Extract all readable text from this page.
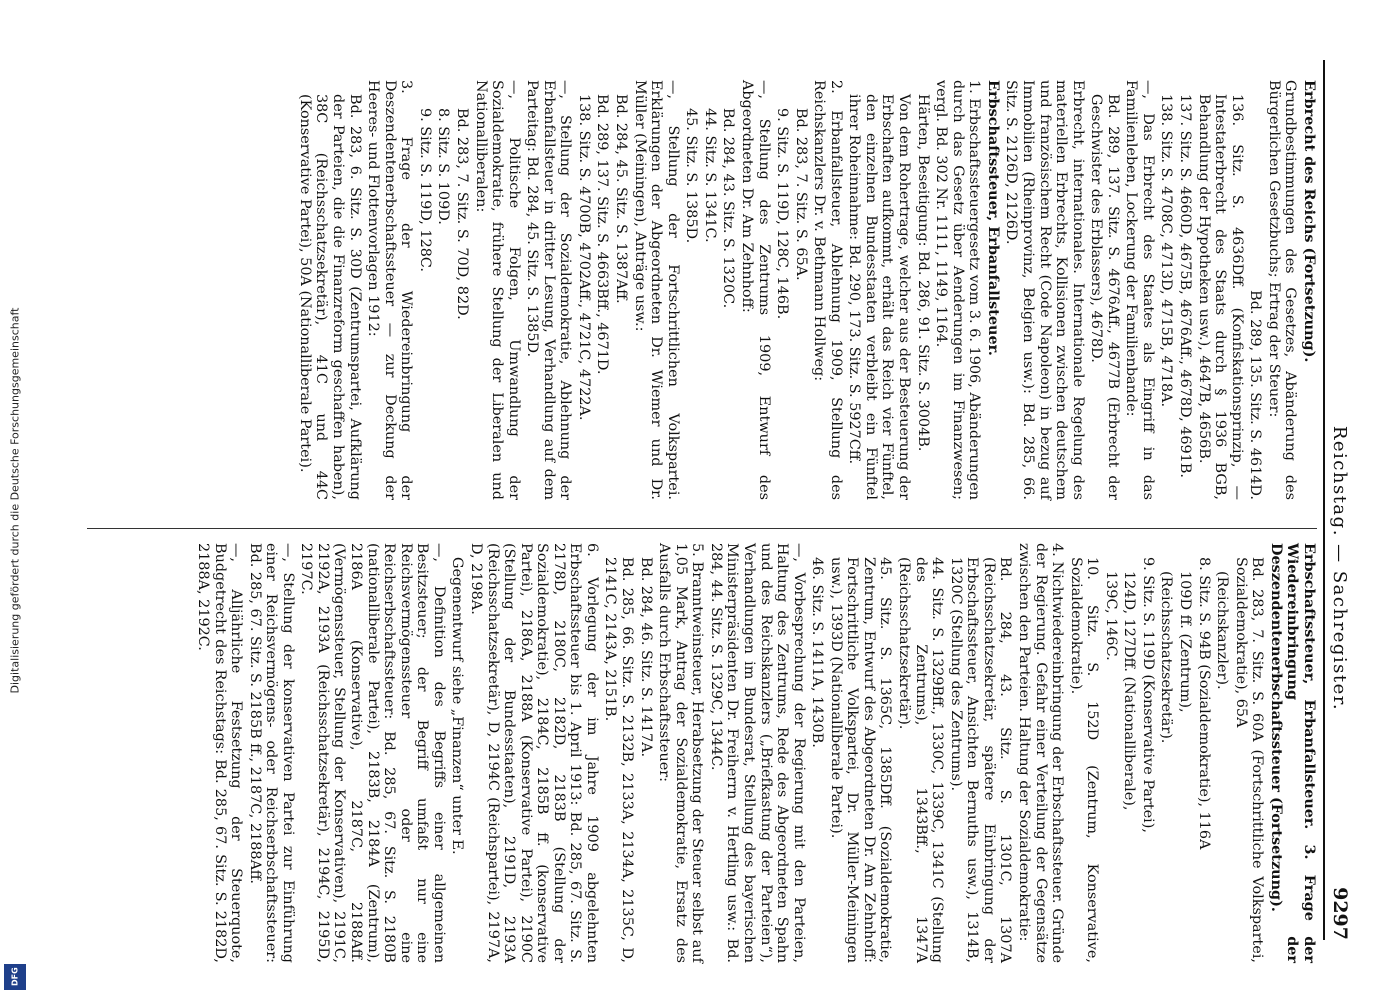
Digitalisierung gefördert durch die Deutsche Forschungsgemeinschaft
DFG
Reichstag. — Sachregister.
9297

Erbrecht des Reichs (Fortsetzung).

Grundbestimmungen des Gesetzes, Abänderung des Bürgerlichen Gesetzbuchs; Ertrag der Steuer:

Bd. 289, 135. Sitz. S. 4614D.

136. Sitz. S. 4636Dff. (Konfiskationsprinzip, — Intestaterbrecht des Staats durch § 1936 BGB, Behandlung der Hypotheken usw.), 4647B, 4656B.

137. Sitz. S. 4660D, 4675B, 4676Aff., 4678D, 4691B.

138. Sitz. S. 4708C, 4713D, 4715B, 4718A.

—, Das Erbrecht des Staates als Eingriff in das Familienleben, Lockerung der Familienbande:

Bd. 289, 137. Sitz. S. 4676Aff., 4677B (Erbrecht der Geschwister des Erblassers), 4678D.

Erbrecht, internationales. Internationale Regelung des materiellen Erbrechts, Kollisionen zwischen deutschem und französischem Recht (Code Napoleon) in bezug auf Immobilien (Rheinprovinz, Belgien usw.): Bd. 285, 66. Sitz. S. 2126D, 2126D.

Erbschaftssteuer, Erbanfallsteuer.

1. Erbschaftssteuergesetz vom 3. 6. 1906, Abänderungen durch das Gesetz über Aenderungen im Finanzwesen; vergl. Bd. 302 Nr. 1111, 1149, 1164.

Härten, Beseitigung: Bd. 286, 91. Sitz. S. 3004B.

Von dem Rohertrage, welcher aus der Besteuerung der Erbschaften aufkommt, erhält das Reich vier Fünftel, den einzelnen Bundesstaaten verbleibt ein Fünftel ihrer Roheinnahme: Bd. 290, 173. Sitz. S. 5927Cff.

2. Erbanfallsteuer, Ablehnung 1909, Stellung des Reichskanzlers Dr. v. Bethmann Hollweg:

Bd. 283, 7. Sitz. S. 65A.

9. Sitz. S. 119D, 128C, 146B.

—, Stellung des Zentrums 1909, Entwurf des Abgeordneten Dr. Am Zehnhoff:

Bd. 284, 43. Sitz. S. 1320C.

44. Sitz. S. 1341C.

45. Sitz. S. 1385D.

—, Stellung der Fortschrittlichen Volkspartei. Erklärungen der Abgeordneten Dr. Wiemer und Dr. Müller (Meiningen), Anträge usw.:

Bd. 284, 45. Sitz. S. 1387Aff.

Bd. 289, 137. Sitz. S. 4663Bff., 4671D.

138. Sitz. S. 4700B, 4702Aff., 4721C, 4722A.

—, Stellung der Sozialdemokratie, Ablehnung der Erbanfallsteuer in dritter Lesung, Verhandlung auf dem Parteitag: Bd. 284, 45. Sitz. S. 1385D.

—, Politische Folgen, Umwandlung der Sozialdemokratie, frühere Stellung der Liberalen und Nationalliberalen:

Bd. 283, 7. Sitz. S. 70D, 82D.

8. Sitz. S. 109D.

9. Sitz. S. 119D, 128C.

3. Frage der Wiedereinbringung der Deszendentenerbschaftssteuer — zur Deckung der Heeres- und Flottenvorlagen 1912:

Bd. 283, 6. Sitz. S. 30D (Zentrumspartei, Aufklärung der Parteien, die die Finanzreform geschaffen haben), 38C (Reichsschatzsekretär), 41C und 44C (Konservative Partei), 50A (Nationalliberale Partei).

Erbschaftssteuer, Erbanfallsteuer. 3. Frage der Wiedereinbringung der Deszendentenerbschaftssteuer (Fortsetzung).

Bd. 283, 7. Sitz. S. 60A (Fortschrittliche Volkspartei, Sozialdemokratie), 65A

(Reichskanzler).

8. Sitz. S. 94B (Sozialdemokratie), 116A

109D ff. (Zentrum),

(Reichsschatzsekretär).

9. Sitz. S. 119D (Konservative Partei),

124D, 127Dff. (Nationalliberale),

139C, 146C.

10. Sitz. S. 152D (Zentrum, Konservative, Sozialdemokratie).

4. Nichtwiedereinbringung der Erbschaftssteuer. Gründe der Regierung. Gefahr einer Verteilung der Gegensätze zwischen den Parteien. Haltung der Sozialdemokratie:

Bd. 284, 43. Sitz. S. 1301C, 1307A (Reichsschatzsekretär, spätere Einbringung der Erbschaftssteuer, Ansichten Bernuths usw.), 1314B, 1320C (Stellung des Zentrums).

44. Sitz. S. 1329Bff., 1330C, 1339C, 1341C (Stellung des Zentrums), 1343Bff., 1347A (Reichsschatzsekretär).

45. Sitz. S. 1365C, 1385Dff. (Sozialdemokratie, Zentrum, Entwurf des Abgeordneten Dr. Am Zehnhoff: Fortschrittliche Volkspartei, Dr. Müller-Meiningen usw.), 1393D (Nationalliberale Partei).

46. Sitz. S. 1411A, 1430B.

—, Vorbesprechung der Regierung mit den Parteien, Haltung des Zentrums, Rede des Abgeordneten Spahn und des Reichskanzlers („Briefkastung der Parteien“), Verhandlungen im Bundesrat, Stellung des bayerischen Ministerpräsidenten Dr. Freiherrn v. Hertling usw.: Bd. 284, 44. Sitz. S. 1329C, 1344C.

5. Branntweinsteuer, Herabsetzung der Steuer selbst auf 1,05 Mark, Antrag der Sozialdemokratie, Ersatz des Ausfalls durch Erbschaftssteuer:

Bd. 284, 46. Sitz. S. 1417A.

Bd. 285, 66. Sitz. S. 2132B, 2133A, 2134A, 2135C, D, 2141C, 2143A, 2151B.

6. Vorlegung der im Jahre 1909 abgelehnten Erbschaftssteuer bis 1. April 1913: Bd. 285, 67. Sitz. S. 2178D, 2180C, 2182D, 2183B (Stellung der Sozialdemokratie), 2184C, 2185B ff. (konservative Partei), 2186A, 2188A (Konservative Partei), 2190C (Stellung der Bundesstaaten), 2191D, 2193A (Reichsschatzsekretär), D, 2194C (Reichspartei), 2197A, D, 2198A.

Gegenentwurf siehe „Finanzen“ unter E.

—, Definition des Begriffs einer allgemeinen Besitzsteuer; der Begriff umfaßt nur eine Reichsvermögenssteuer oder eine Reichserbschaftssteuer: Bd. 285, 67. Sitz. S. 2180B (nationalliberale Partei), 2183B, 2184A (Zentrum), 2186A (Konservative), 2187C, 2188Aff. (Vermögenssteuer, Stellung der Konservativen), 2191C, 2192A, 2193A (Reichsschatzsekretär), 2194C, 2195D, 2197C.

—, Stellung der konservativen Partei zur Einführung einer Reichsvermögens- oder Reichserbschaftssteuer: Bd. 285, 67. Sitz. S. 2185B ff., 2187C, 2188Aff.

—, Alljährliche Festsetzung der Steuerquote, Budgetrecht des Reichstags: Bd. 285, 67. Sitz. S. 2182D, 2188A, 2192C.
